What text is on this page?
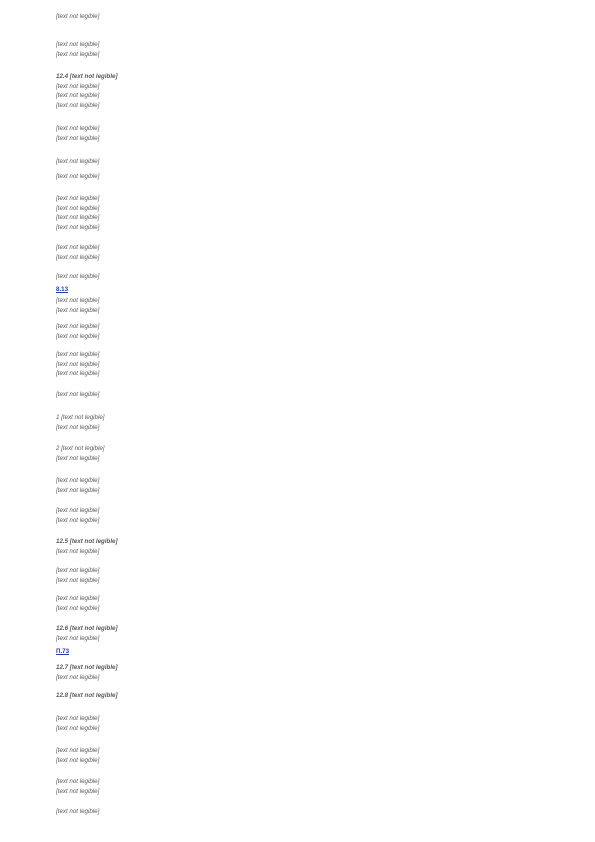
[text not legible]

[text not legible]

[text not legible]

12.4 [text not legible]

[text not legible]

[text not legible]

[text not legible]

[text not legible]

[text not legible]

[text not legible]

[text not legible]

[text not legible]

[text not legible]

[text not legible]

[text not legible]

[text not legible]

[text not legible]

[text not legible]

8.13

[text not legible]

[text not legible]

[text not legible]

[text not legible]

[text not legible]

[text not legible]

[text not legible]

[text not legible]

1 [text not legible]

[text not legible]

2 [text not legible]

[text not legible]

[text not legible]

[text not legible]

[text not legible]

[text not legible]

12.5 [text not legible]

[text not legible]

[text not legible]

[text not legible]

[text not legible]

[text not legible]

12.6 [text not legible]

[text not legible]

П.73

12.7 [text not legible]

[text not legible]

12.8 [text not legible]

[text not legible]

[text not legible]

[text not legible]

[text not legible]

[text not legible]

[text not legible]

[text not legible]
